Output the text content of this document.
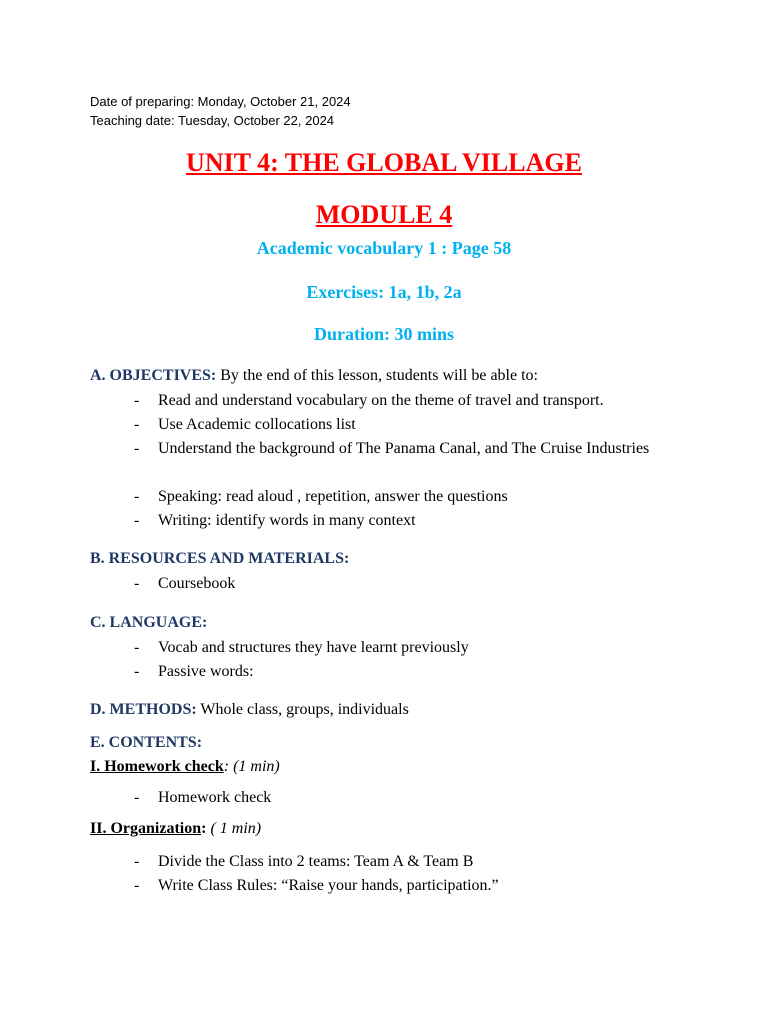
Date of preparing: Monday, October 21, 2024
Teaching date: Tuesday, October 22, 2024
UNIT 4: THE GLOBAL VILLAGE
MODULE 4
Academic vocabulary 1 : Page 58
Exercises: 1a, 1b, 2a
Duration: 30 mins
A. OBJECTIVES: By the end of this lesson, students will be able to:
- Read and understand vocabulary on the theme of travel and transport.
- Use Academic collocations list
- Understand the background of The Panama Canal, and The Cruise Industries
- Speaking: read aloud , repetition, answer the questions
- Writing: identify words in many context
B. RESOURCES AND MATERIALS:
- Coursebook
C. LANGUAGE:
- Vocab and structures they have learnt previously
- Passive words:
D. METHODS: Whole class, groups, individuals
E. CONTENTS:
I. Homework check: (1 min)
- Homework check
II. Organization: ( 1 min)
- Divide the Class into 2 teams: Team A & Team B
- Write Class Rules: “Raise your hands, participation.”
